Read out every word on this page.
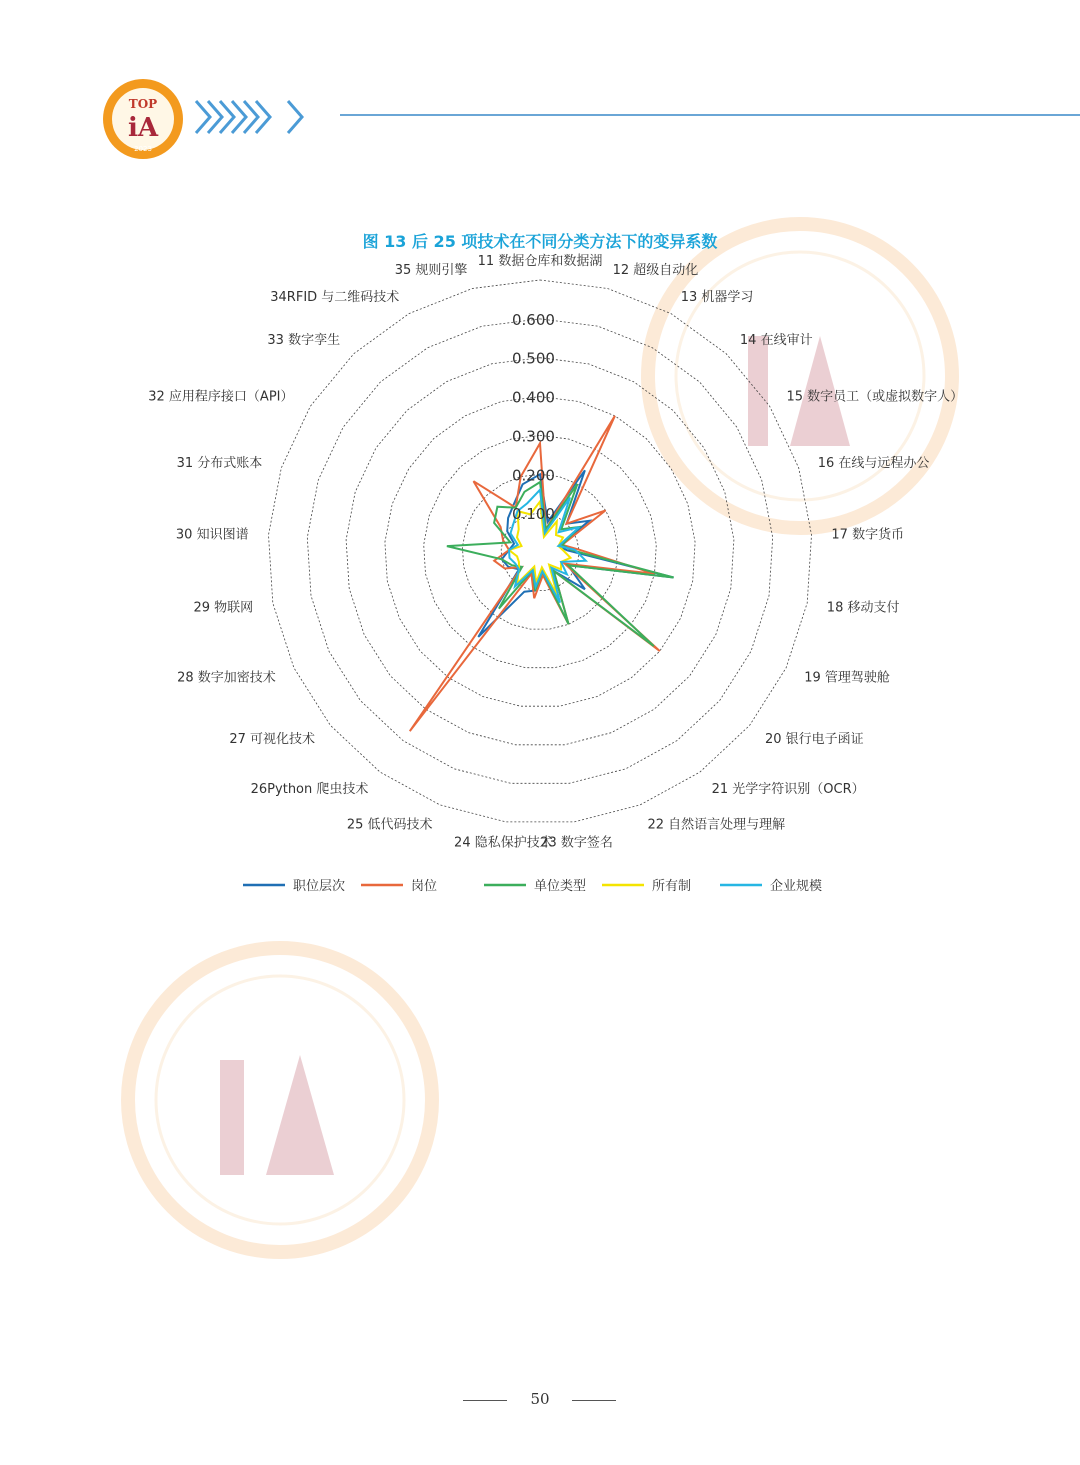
TOP
iA
2023
图 13 后 25 项技术在不同分类方法下的变异系数
11 数据仓库和数据湖
12 超级自动化
13 机器学习
14 在线审计
15 数字员工（或虚拟数字人）
16 在线与远程办公
17 数字货币
18 移动支付
19 管理驾驶舱
20 银行电子函证
21 光学字符识别（OCR）
22 自然语言处理与理解
23 数字签名
24 隐私保护技术
25 低代码技术
26Python 爬虫技术
27 可视化技术
28 数字加密技术
29 物联网
30 知识图谱
31 分布式账本
32 应用程序接口（API）
33 数字孪生
34RFID 与二维码技术
35 规则引擎
0.100
0.200
0.300
0.400
0.500
0.600
职位层次	岗位	单位类型	所有制	企业规模
50
